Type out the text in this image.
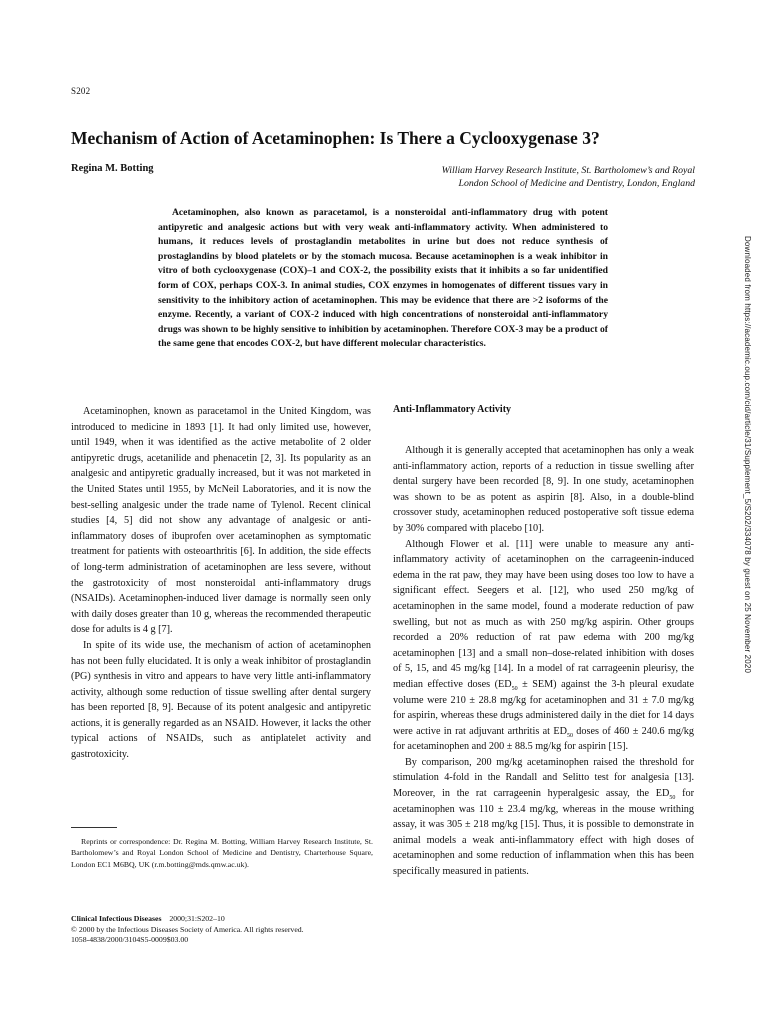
S202
Mechanism of Action of Acetaminophen: Is There a Cyclooxygenase 3?
Regina M. Botting	William Harvey Research Institute, St. Bartholomew’s and Royal
London School of Medicine and Dentistry, London, England

Acetaminophen, also known as paracetamol, is a nonsteroidal anti-inflammatory drug with potent antipyretic and analgesic actions but with very weak anti-inflammatory activity. When administered to humans, it reduces levels of prostaglandin metabolites in urine but does not reduce synthesis of prostaglandins by blood platelets or by the stomach mucosa. Because acetaminophen is a weak inhibitor in vitro of both cyclooxygenase (COX)–1 and COX-2, the possibility exists that it inhibits a so far unidentified form of COX, perhaps COX-3. In animal studies, COX enzymes in homogenates of different tissues vary in sensitivity to the inhibitory action of acetaminophen. This may be evidence that there are >2 isoforms of the enzyme. Recently, a variant of COX-2 induced with high concentrations of nonsteroidal anti-inflammatory drugs was shown to be highly sensitive to inhibition by acetaminophen. Therefore COX-3 may be a product of the same gene that encodes COX-2, but have different molecular characteristics.

Acetaminophen, known as paracetamol in the United Kingdom, was introduced to medicine in 1893 [1]. It had only limited use, however, until 1949, when it was identified as the active metabolite of 2 older antipyretic drugs, acetanilide and phenacetin [2, 3]. Its popularity as an analgesic and antipyretic gradually increased, but it was not marketed in the United States until 1955, by McNeil Laboratories, and it is now the best-selling analgesic under the trade name of Tylenol. Recent clinical studies [4, 5] did not show any advantage of analgesic or anti-inflammatory doses of ibuprofen over acetaminophen as symptomatic treatment for patients with osteoarthritis [6]. In addition, the side effects of long-term administration of acetaminophen are less severe, without the gastrotoxicity of most nonsteroidal anti-inflammatory drugs (NSAIDs). Acetaminophen-induced liver damage is normally seen only with daily doses greater than 10 g, whereas the recommended therapeutic dose for adults is 4 g [7].

In spite of its wide use, the mechanism of action of acetaminophen has not been fully elucidated. It is only a weak inhibitor of prostaglandin (PG) synthesis in vitro and appears to have very little anti-inflammatory activity, although some reduction of tissue swelling after dental surgery has been reported [8, 9]. Because of its potent analgesic and antipyretic actions, it is generally regarded as an NSAID. However, it lacks the other typical actions of NSAIDs, such as antiplatelet activity and gastrotoxicity.

Anti-Inflammatory Activity

Although it is generally accepted that acetaminophen has only a weak anti-inflammatory action, reports of a reduction in tissue swelling after dental surgery have been recorded [8, 9]. In one study, acetaminophen was shown to be as potent as aspirin [8]. Also, in a double-blind crossover study, acetaminophen reduced postoperative soft tissue edema by 30% compared with placebo [10].

Although Flower et al. [11] were unable to measure any anti-inflammatory activity of acetaminophen on the carrageenin-induced edema in the rat paw, they may have been using doses too low to have a significant effect. Seegers et al. [12], who used 250 mg/kg of acetaminophen in the same model, found a moderate reduction of paw swelling, but not as much as with 250 mg/kg aspirin. Other groups recorded a 20% reduction of rat paw edema with 200 mg/kg acetaminophen [13] and a small non–dose-related inhibition with doses of 5, 15, and 45 mg/kg [14]. In a model of rat carrageenin pleurisy, the median effective doses $(ED_{50} \pm SEM)$ against the 3-h pleural exudate volume were 210 ± 28.8 mg/kg for acetaminophen and 31 ± 7.0 mg/kg for aspirin, whereas these drugs administered daily in the diet for 14 days were active in rat adjuvant arthritis at $ED_{50}$ doses of 460 ± 240.6 mg/kg for acetaminophen and 200 ± 88.5 mg/kg for aspirin [15].

By comparison, 200 mg/kg acetaminophen raised the threshold for stimulation 4-fold in the Randall and Selitto test for analgesia [13]. Moreover, in the rat carrageenin hyperalgesic assay, the $ED_{50}$ for acetaminophen was 110 ± 23.4 mg/kg, whereas in the mouse writhing assay, it was 305 ± 218 mg/kg [15]. Thus, it is possible to demonstrate in animal models a weak anti-inflammatory effect with high doses of acetaminophen and some reduction of inflammation when this has been specifically measured in patients.

Reprints or correspondence: Dr. Regina M. Botting, William Harvey Research Institute, St. Bartholomew’s and Royal London School of Medicine and Dentistry, Charterhouse Square, London EC1 M6BQ, UK (r.m.botting@mds.qmw.ac.uk).

Clinical Infectious Diseases 2000;31:S202–10
© 2000 by the Infectious Diseases Society of America. All rights reserved.
1058-4838/2000/3104S5-0009$03.00
Downloaded from https://academic.oup.com/cid/article/31/Supplement_5/S202/334078 by guest on 25 November 2020
